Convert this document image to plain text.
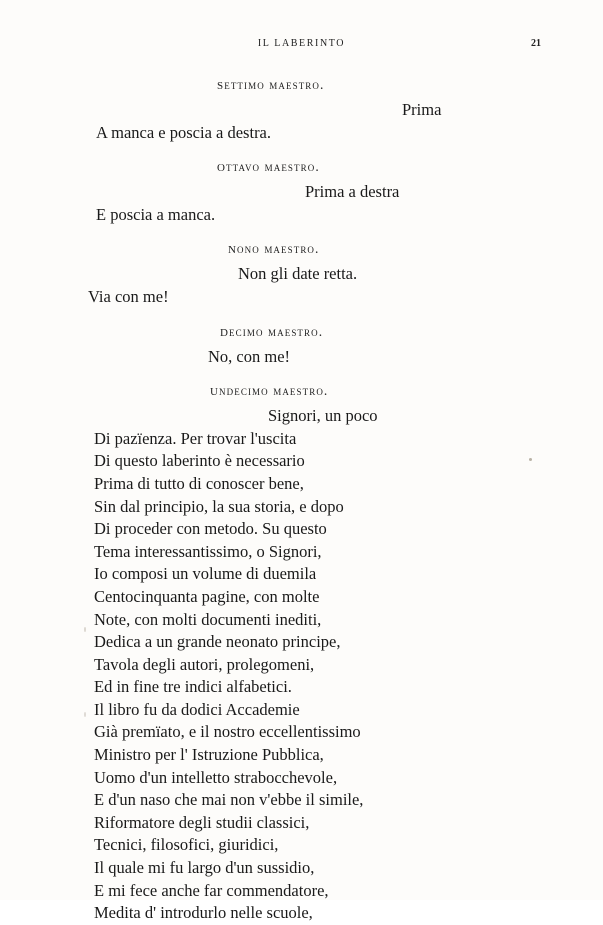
IL LABERINTO	21
settimo maestro.
Prima
A manca e poscia a destra.
ottavo maestro.
Prima a destra
E poscia a manca.
nono maestro.
Non gli date retta.
Via con me!
decimo maestro.
No, con me!
undecimo maestro.
Signori, un poco
Di pazïenza. Per trovar l'uscita
Di questo laberinto è necessario
Prima di tutto di conoscer bene,
Sin dal principio, la sua storia, e dopo
Di proceder con metodo. Su questo
Tema interessantissimo, o Signori,
Io composi un volume di duemila
Centocinquanta pagine, con molte
Note, con molti documenti inediti,
Dedica a un grande neonato principe,
Tavola degli autori, prolegomeni,
Ed in fine tre indici alfabetici.
Il libro fu da dodici Accademie
Già premïato, e il nostro eccellentissimo
Ministro per l' Istruzione Pubblica,
Uomo d'un intelletto strabocchevole,
E d'un naso che mai non v'ebbe il simile,
Riformatore degli studii classici,
Tecnici, filosofici, giuridici,
Il quale mi fu largo d'un sussidio,
E mi fece anche far commendatore,
Medita d' introdurlo nelle scuole,
